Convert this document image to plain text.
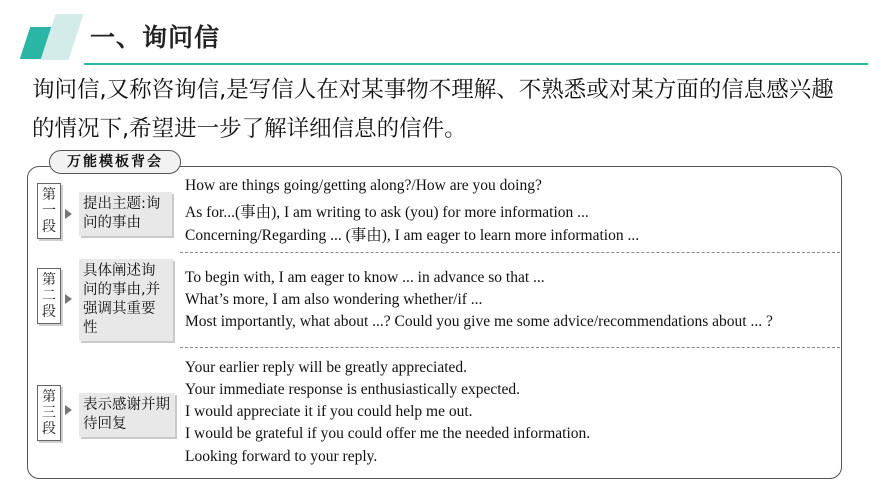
一、询问信
询问信,又称咨询信,是写信人在对某事物不理解、不熟悉或对某方面的信息感兴趣的情况下,希望进一步了解详细信息的信件。
万能模板背会
第
一
段
提出主题:询问的事由
How are things going/getting along?/How are you doing?
As for...(事由), I am writing to ask (you) for more information ...
Concerning/Regarding ... (事由), I am eager to learn more information ...
第
二
段
具体阐述询问的事由,并强调其重要性
To begin with, I am eager to know ... in advance so that ...
What’s more, I am also wondering whether/if ...
Most importantly, what about ...? Could you give me some advice/recommendations about ... ?
第
三
段
表示感谢并期待回复
Your earlier reply will be greatly appreciated.
Your immediate response is enthusiastically expected.
I would appreciate it if you could help me out.
I would be grateful if you could offer me the needed information.
Looking forward to your reply.
